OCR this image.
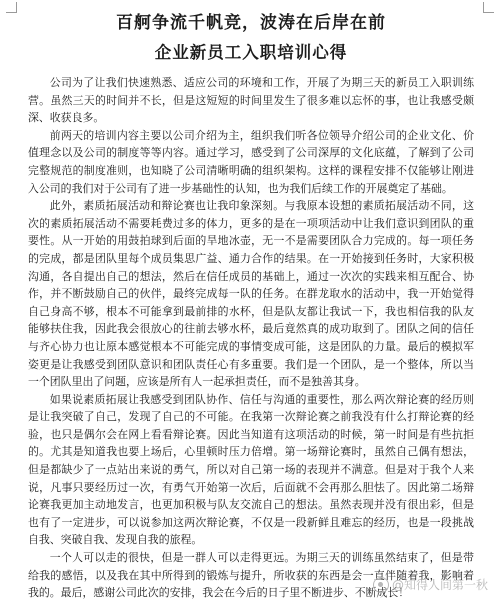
百舸争流千帆竞，波涛在后岸在前
企业新员工入职培训心得

公司为了让我们快速熟悉、适应公司的环境和工作，开展了为期三天的新员工入职训练营。虽然三天的时间并不长，但是这短短的时间里发生了很多难以忘怀的事，也让我感受颇深、收获良多。

前两天的培训内容主要以公司介绍为主，组织我们听各位领导介绍公司的企业文化、价值理念以及公司的制度等等内容。通过学习，感受到了公司深厚的文化底蕴，了解到了公司完整规范的制度准则，也知晓了公司清晰明确的组织架构。这样的课程安排不仅能够让刚进入公司的我们对于公司有了进一步基础性的认知，也为我们后续工作的开展奠定了基础。

此外，素质拓展活动和辩论赛也让我印象深刻。与我原本设想的素质拓展活动不同，这次的素质拓展活动不需要耗费过多的体力，更多的是在一项项活动中让我们意识到团队的重要性。从一开始的用鼓拍球到后面的旱地冰壶，无一不是需要团队合力完成的。每一项任务的完成，都是团队里每个成员集思广益、通力合作的结果。在一开始接到任务时，大家积极沟通，各自提出自己的想法，然后在信任成员的基础上，通过一次次的实践来相互配合、协作，并不断鼓励自己的伙伴，最终完成每一队的任务。在群龙取水的活动中，我一开始觉得自己身高不够，根本不可能拿到最前排的水杯，但是队友都让我试一下，我也相信我的队友能够扶住我，因此我会很放心的往前去够水杯，最后竟然真的成功取到了。团队之间的信任与齐心协力也让原本感觉根本不可能完成的事情变成可能，这是团队的力量。最后的模拟军姿更是让我感受到团队意识和团队责任心有多重要。我们是一个团队，是一个整体，所以当一个团队里出了问题，应该是所有人一起承担责任，而不是独善其身。

如果说素质拓展让我感受到团队协作、信任与沟通的重要性，那么两次辩论赛的经历则是让我突破了自己，发现了自己的不可能。在我第一次辩论赛之前我没有什么打辩论赛的经验，也只是偶尔会在网上看看辩论赛。因此当知道有这项活动的时候，第一时间是有些抗拒的。尤其是知道我也要上场后，心里顿时压力倍增。第一场辩论赛时，虽然自己偶有想法，但是都缺少了一点站出来说的勇气，所以对自己第一场的表现并不满意。但是对于我个人来说，凡事只要经历过一次，有勇气开始第一次后，后面就不会再那么胆怯了。因此第二场辩论赛我更加主动地发言，也更加积极与队友交流自己的想法。虽然表现并没有很出彩，但是也有了一定进步，可以说参加这两次辩论赛，不仅是一段新鲜且难忘的经历，也是一段挑战自我、突破自我、发现自我的旅程。

一个人可以走的很快，但是一群人可以走得更远。为期三天的训练虽然结束了，但是带给我的感悟，以及我在其中所得到的锻炼与提升，所收获的东西是会一直伴随着我，影响着我的。最后，感谢公司此次的安排，我会在今后的日子里不断进步、不断成长！

@知得人间第一秋
